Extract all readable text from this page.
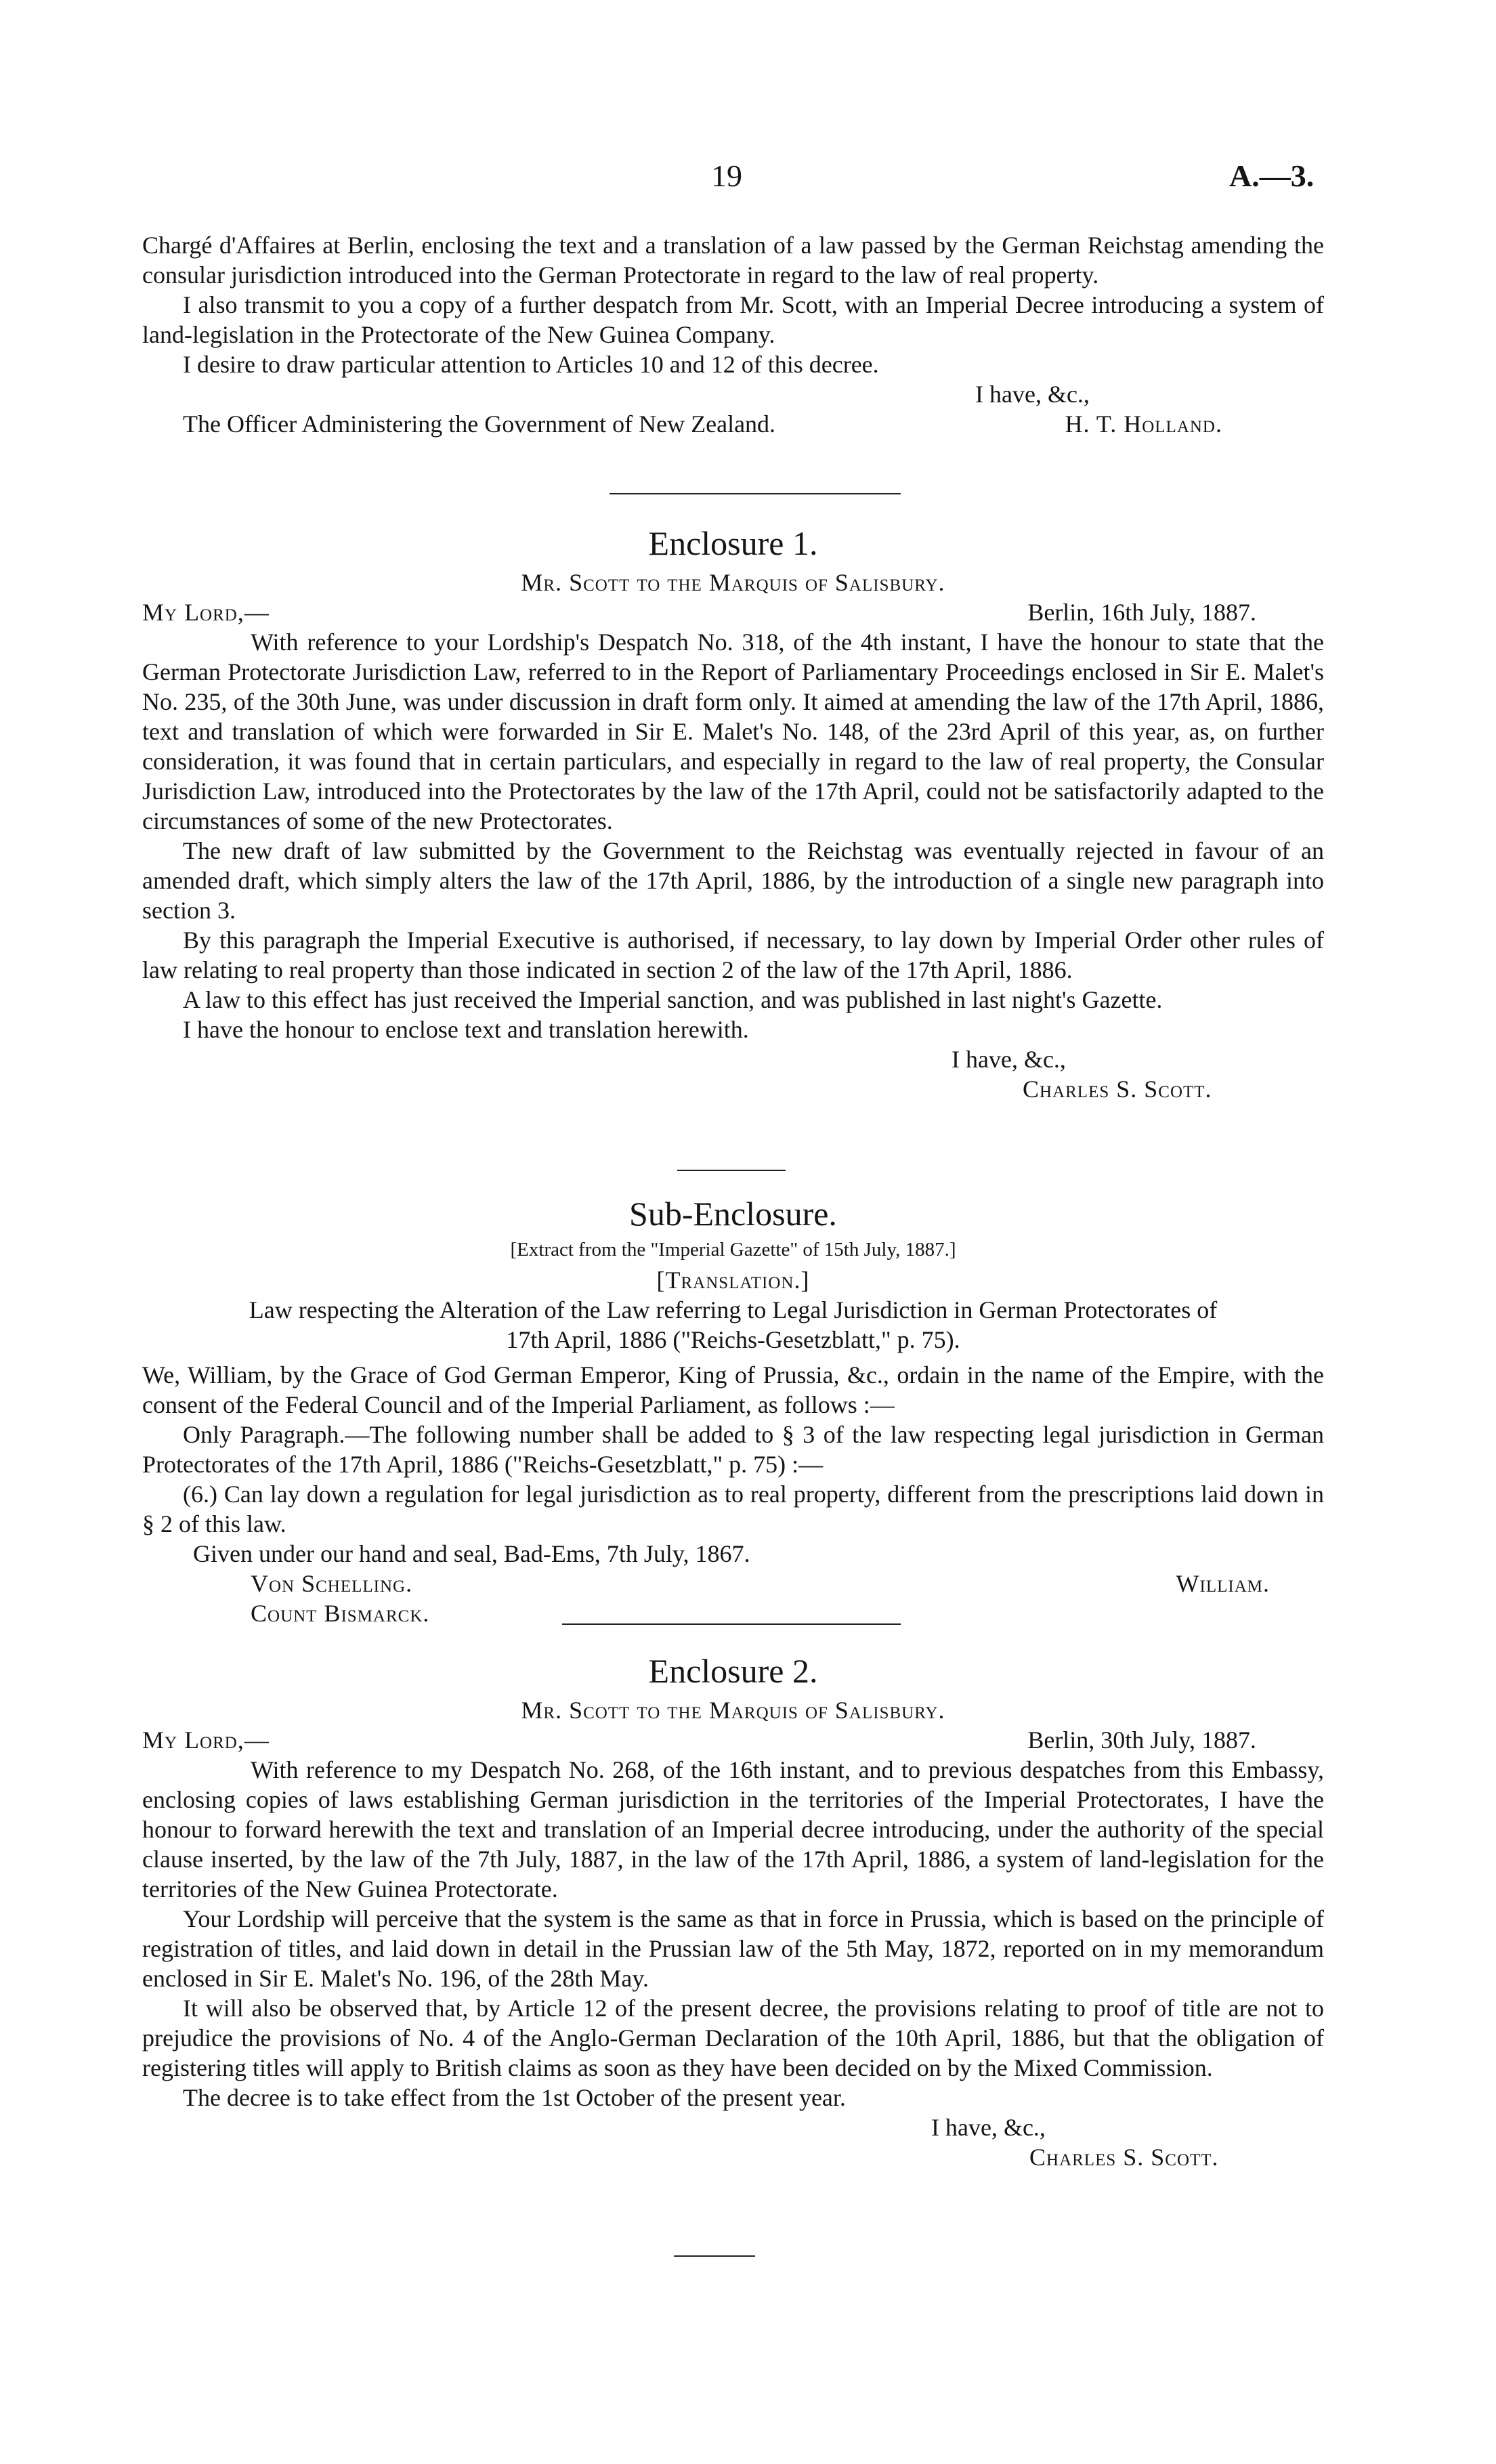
19	A.—3.

Chargé d'Affaires at Berlin, enclosing the text and a translation of a law passed by the German Reichstag amending the consular jurisdiction introduced into the German Protectorate in regard to the law of real property.

I also transmit to you a copy of a further despatch from Mr. Scott, with an Imperial Decree introducing a system of land-legislation in the Protectorate of the New Guinea Company.

I desire to draw particular attention to Articles 10 and 12 of this decree.

I have, &c.,

The Officer Administering the Government of New Zealand.	H. T. Holland.

Enclosure 1.

Mr. Scott to the Marquis of Salisbury.

My Lord,—	Berlin, 16th July, 1887.

With reference to your Lordship's Despatch No. 318, of the 4th instant, I have the honour to state that the German Protectorate Jurisdiction Law, referred to in the Report of Parliamentary Proceedings enclosed in Sir E. Malet's No. 235, of the 30th June, was under discussion in draft form only. It aimed at amending the law of the 17th April, 1886, text and translation of which were forwarded in Sir E. Malet's No. 148, of the 23rd April of this year, as, on further consideration, it was found that in certain particulars, and especially in regard to the law of real property, the Consular Jurisdiction Law, introduced into the Protectorates by the law of the 17th April, could not be satisfactorily adapted to the circumstances of some of the new Protectorates.

The new draft of law submitted by the Government to the Reichstag was eventually rejected in favour of an amended draft, which simply alters the law of the 17th April, 1886, by the introduction of a single new paragraph into section 3.

By this paragraph the Imperial Executive is authorised, if necessary, to lay down by Imperial Order other rules of law relating to real property than those indicated in section 2 of the law of the 17th April, 1886.

A law to this effect has just received the Imperial sanction, and was published in last night's Gazette.

I have the honour to enclose text and translation herewith.

I have, &c.,

Charles S. Scott.

Sub-Enclosure.

[Extract from the "Imperial Gazette" of 15th July, 1887.]

[Translation.]

Law respecting the Alteration of the Law referring to Legal Jurisdiction in German Protectorates of 17th April, 1886 ("Reichs-Gesetzblatt," p. 75).

We, William, by the Grace of God German Emperor, King of Prussia, &c., ordain in the name of the Empire, with the consent of the Federal Council and of the Imperial Parliament, as follows :—

Only Paragraph.—The following number shall be added to § 3 of the law respecting legal jurisdiction in German Protectorates of the 17th April, 1886 ("Reichs-Gesetzblatt," p. 75) :—

(6.) Can lay down a regulation for legal jurisdiction as to real property, different from the prescriptions laid down in § 2 of this law.

Given under our hand and seal, Bad-Ems, 7th July, 1867.

Von Schelling.	William.

Count Bismarck.

Enclosure 2.

Mr. Scott to the Marquis of Salisbury.

My Lord,—	Berlin, 30th July, 1887.

With reference to my Despatch No. 268, of the 16th instant, and to previous despatches from this Embassy, enclosing copies of laws establishing German jurisdiction in the territories of the Imperial Protectorates, I have the honour to forward herewith the text and translation of an Imperial decree introducing, under the authority of the special clause inserted, by the law of the 7th July, 1887, in the law of the 17th April, 1886, a system of land-legislation for the territories of the New Guinea Protectorate.

Your Lordship will perceive that the system is the same as that in force in Prussia, which is based on the principle of registration of titles, and laid down in detail in the Prussian law of the 5th May, 1872, reported on in my memorandum enclosed in Sir E. Malet's No. 196, of the 28th May.

It will also be observed that, by Article 12 of the present decree, the provisions relating to proof of title are not to prejudice the provisions of No. 4 of the Anglo-German Declaration of the 10th April, 1886, but that the obligation of registering titles will apply to British claims as soon as they have been decided on by the Mixed Commission.

The decree is to take effect from the 1st October of the present year.

I have, &c.,

Charles S. Scott.
